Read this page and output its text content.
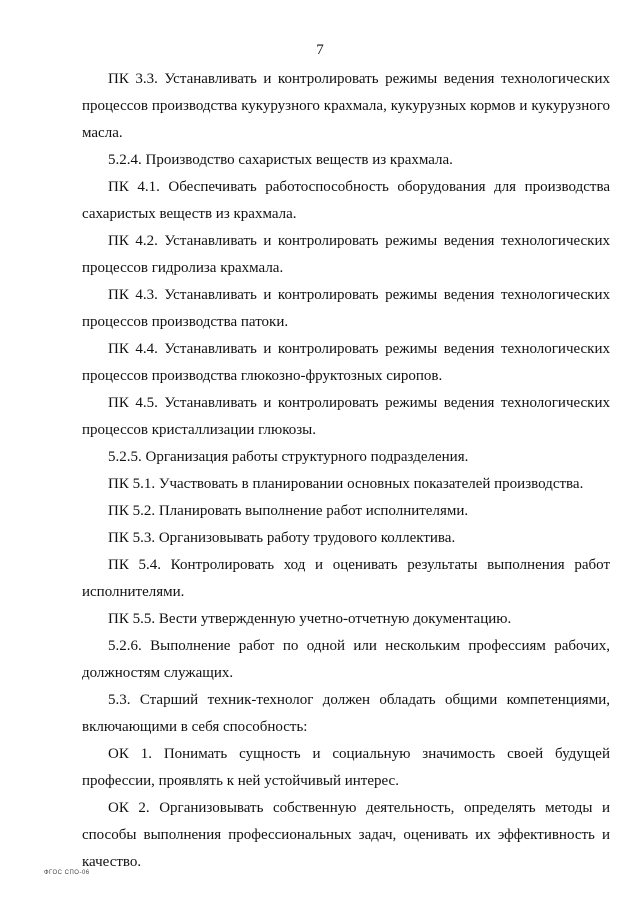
7

ПК 3.3. Устанавливать и контролировать режимы ведения технологических процессов производства кукурузного крахмала, кукурузных кормов и кукурузного масла.

5.2.4. Производство сахаристых веществ из крахмала.

ПК 4.1. Обеспечивать работоспособность оборудования для производства сахаристых веществ из крахмала.

ПК 4.2. Устанавливать и контролировать режимы ведения технологических процессов гидролиза крахмала.

ПК 4.3. Устанавливать и контролировать режимы ведения технологических процессов производства патоки.

ПК 4.4. Устанавливать и контролировать режимы ведения технологических процессов производства глюкозно-фруктозных сиропов.

ПК 4.5. Устанавливать и контролировать режимы ведения технологических процессов кристаллизации глюкозы.

5.2.5. Организация работы структурного подразделения.

ПК 5.1. Участвовать в планировании основных показателей производства.

ПК 5.2. Планировать выполнение работ исполнителями.

ПК 5.3. Организовывать работу трудового коллектива.

ПК 5.4. Контролировать ход и оценивать результаты выполнения работ исполнителями.

ПК 5.5. Вести утвержденную учетно-отчетную документацию.

5.2.6. Выполнение работ по одной или нескольким профессиям рабочих, должностям служащих.

5.3. Старший техник-технолог должен обладать общими компетенциями, включающими в себя способность:

ОК 1. Понимать сущность и социальную значимость своей будущей профессии, проявлять к ней устойчивый интерес.

ОК 2. Организовывать собственную деятельность, определять методы и способы выполнения профессиональных задач, оценивать их эффективность и качество.

ФГОС СПО-06
